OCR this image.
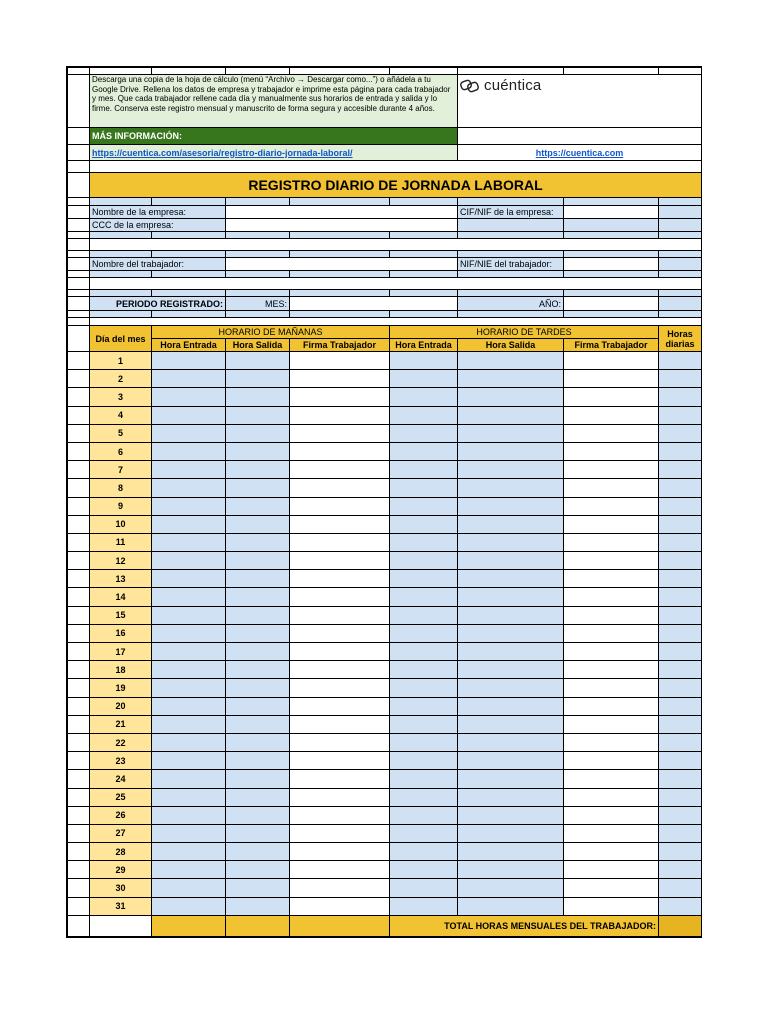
	Descarga una copia de la hoja de cálculo (menú “Archivo → Descargar como...”) o añádela a tu Google Drive. Rellena los datos de empresa y trabajador e imprime esta página para cada trabajador y mes. Que cada trabajador rellene cada día y manualmente sus horarios de entrada y salida y lo firme. Conserva este registro mensual y manuscrito de forma segura y accesible durante 4 años.					cuéntica		

	MÁS INFORMACIÓN:							
	https://cuentica.com/asesoria/registro-diario-jornada-laboral/					https://cuentica.com		

	REGISTRO DIARIO DE JORNADA LABORAL							

	Nombre de la empresa:					CIF/NIF de la empresa:		
	CCC de la empresa:							

	Nombre del trabajador:					NIF/NIE del trabajador:		

	PERIODO REGISTRADO:		MES:			AÑO:		

	Día del mes	HORARIO DE MAÑANAS			HORARIO DE TARDES			Horas diarias
		Hora Entrada	Hora Salida	Firma Trabajador	Hora Entrada	Hora Salida	Firma Trabajador	
	1							
	2							
	3							
	4							
	5							
	6							
	7							
	8							
	9							
	10							
	11							
	12							
	13							
	14							
	15							
	16							
	17							
	18							
	19							
	20							
	21							
	22							
	23							
	24							
	25							
	26							
	27							
	28							
	29							
	30							
	31							
					TOTAL HORAS MENSUALES DEL TRABAJADOR:			
